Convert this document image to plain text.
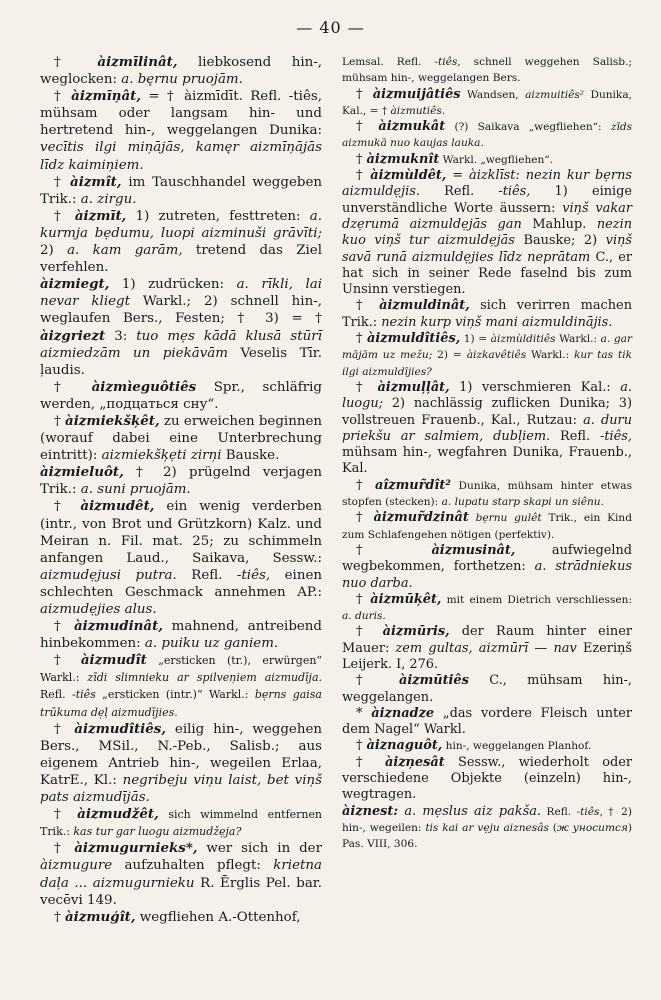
— 40 —
† àizmīlinât, liebkosend hin-, weglocken: a. bęrnu pruojām.
† àizmīņât, = † àizmīdīt. Refl. -tiês, mühsam oder langsam hin- und hertretend hin-, weggelangen Dunika: vecītis ilgi miņājās, kamęr aizmīņājās līdz kaimiņiem.
† àizmît, im Tauschhandel weggeben Trik.: a. zirgu.
† àizmīt, 1) zutreten, festtreten: a. kurmja bẹdumu, luopi aizminuši grāvīti; 2) a. kam garām, tretend das Ziel verfehlen.
àizmiegt, 1) zudrücken: a. rīkli, lai nevar kliegt Warkl.; 2) schnell hin-, weglaufen Bers., Festen; † 3) = † àizgriezt 3: tuo mẹs kādā klusā stūrī aizmiedzām un piekāvām Veselis Tīr. ļaudis.
† àizmìeguôtiês Spr., schläfrig werden, „подцаться сну“.
† àizmiekšķêt, zu erweichen beginnen (worauf dabei eine Unterbrechung eintritt): aizmiekšķẹti zirņi Bauske.
àizmieluôt, † 2) prügelnd verjagen Trik.: a. suni pruojām.
† àizmudêt, ein wenig verderben (intr., von Brot und Grützkorn) Kalz. und Meiran n. Fil. mat. 25; zu schimmeln anfangen Laud., Saikava, Sessw.: aizmudẹjusi putra. Refl. -tiês, einen schlechten Geschmack annehmen AP.: aizmudẹjies alus.
† àizmudinât, mahnend, antreibend hinbekommen: a. puiku uz ganiem.
† àizmudît „ersticken (tr.), erwürgen“ Warkl.: zīdi slimnieku ar spilveņiem aizmudīja. Refl. -tiês „ersticken (intr.)“ Warkl.: bẹrns gaisa trūkuma dẹļ aizmudījies.
† àizmudîtiês, eilig hin-, weggehen Bers., MSil., N.-Peb., Salisb.; aus eigenem Antrieb hin-, wegeilen Erlaa, KatrE., Kl.: negribẹju viņu laist, bet viņš pats aizmudījās.
† àizmudžêt, sich wimmelnd entfernen Trik.: kas tur gar luogu aizmudžẹja?
† àizmugurnieks*, wer sich in der àizmugure aufzuhalten pflegt: krietna daļa ... aizmugurnieku R. Ērglis Pel. bar. vecēvi 149.
† àizmuģît, wegfliehen A.-Ottenhof,
Lemsal. Refl. -tiês, schnell weggehen Salisb.; mühsam hin-, weggelangen Bers.
† àizmuijâtiês Wandsen, aizmuitiês² Dunika, Kal., = † àizmutiês.
† àizmukât (?) Saikava „wegfliehen“: zīds aizmukā nuo kaujas lauka.
† àizmuknît Warkl. „wegfliehen“.
† àizmùldêt, = àizklīst: nezin kur bẹrns aizmuldẹjis. Refl. -tiês, 1) einige unverständliche Worte äussern: viņš vakar dzẹrumā aizmuldẹjās gan Mahlup. nezin kuo viņš tur aizmuldẹjās Bauske; 2) viņš savā runā aizmuldẹjies līdz neprātam C., er hat sich in seiner Rede faselnd bis zum Unsinn verstiegen.
† àizmuldinât, sich verirren machen Trik.: nezin kurp viņš mani aizmuldinājis.
† àizmuldîtiês, 1) = àizmùlditiês Warkl.: a. gar mājām uz mežu; 2) = àizkavêtiês Warkl.: kur tas tik ilgi aizmuldījies?
† àizmuļļât, 1) verschmieren Kal.: a. luogu; 2) nachlässig zuflicken Dunika; 3) vollstreuen Frauenb., Kal., Rutzau: a. duru priekšu ar salmiem, dubļiem. Refl. -tiês, mühsam hin-, wegfahren Dunika, Frauenb., Kal.
† aîzmur̃dît² Dunika, mühsam hinter etwas stopfen (stecken): a. lupatu starp skapi un siênu.
† àizmur̃dzinât bẹrnu gulêt Trik., ein Kind zum Schlafengehen nötigen (perfektiv).
† àizmusinât, aufwiegelnd wegbekommen, forthetzen: a. strādniekus nuo darba.
† àizmūķêt, mit einem Dietrich verschliessen: a. duris.
† àizmūris, der Raum hinter einer Mauer: zem gultas, aizmūrī — nav Ezeriņš Leijerk. I, 276.
† àizmūtiês C., mühsam hin-, weggelangen.
* àiznadze „das vordere Fleisch unter dem Nagel“ Warkl.
† àiznaguôt, hin-, weggelangen Planhof.
† àizņesât Sessw., wiederholt oder verschiedene Objekte (einzeln) hin-, wegtragen.
àiznest: a. mẹslus aiz pakša. Refl. -tiês, † 2) hin-, wegeilen: tis kai ar vẹju aiznesâs (ж уносится) Pas. VIII, 306.
